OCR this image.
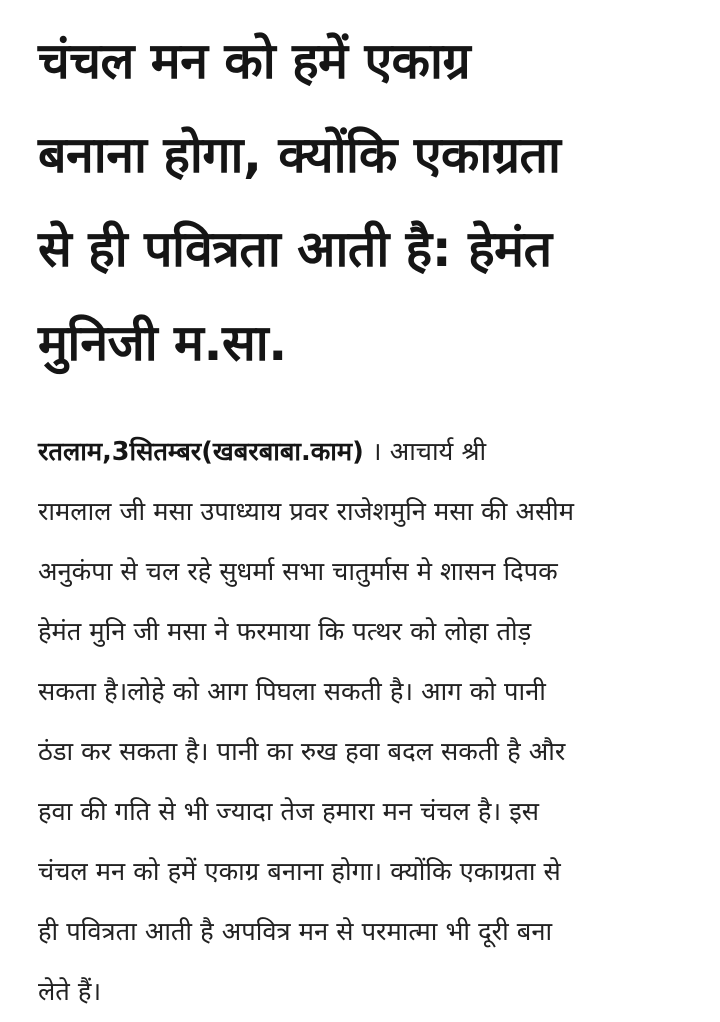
चंचल मन को हमें एकाग्र
बनाना होगा, क्योंकि एकाग्रता
से ही पवित्रता आती है: हेमंत
मुनिजी म.सा.

रतलाम,3सितम्बर(खबरबाबा.काम) । आचार्य श्री
रामलाल जी मसा उपाध्याय प्रवर राजेशमुनि मसा की असीम
अनुकंपा से चल रहे सुधर्मा सभा चातुर्मास मे शासन दिपक
हेमंत मुनि जी मसा ने फरमाया कि पत्थर को लोहा तोड़
सकता है।लोहे को आग पिघला सकती है। आग को पानी
ठंडा कर सकता है। पानी का रुख हवा बदल सकती है और
हवा की गति से भी ज्यादा तेज हमारा मन चंचल है। इस
चंचल मन को हमें एकाग्र बनाना होगा। क्योंकि एकाग्रता से
ही पवित्रता आती है अपवित्र मन से परमात्मा भी दूरी बना
लेते हैं।
